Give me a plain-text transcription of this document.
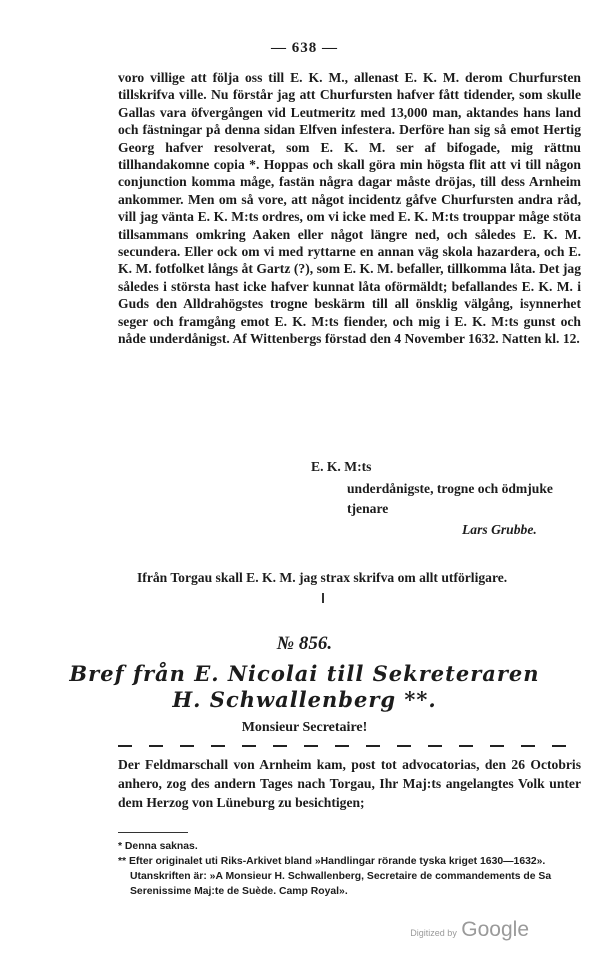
— 638 —

voro villige att följa oss till E. K. M., allenast E. K. M. derom Churfursten tillskrifva ville. Nu förstår jag att Churfursten hafver fått tidender, som skulle Gallas vara öfvergången vid Leutmeritz med 13,000 man, aktandes hans land och fästningar på denna sidan Elfven infestera. Derföre han sig så emot Hertig Georg hafver resolverat, som E. K. M. ser af bifogade, mig rättnu tillhandakomne copia *. Hoppas och skall göra min högsta flit att vi till någon conjunction komma måge, fastän några dagar måste dröjas, till dess Arnheim ankommer. Men om så vore, att något incidentz gåfve Churfursten andra råd, vill jag vänta E. K. M:ts ordres, om vi icke med E. K. M:ts trouppar måge stöta tillsammans omkring Aaken eller något längre ned, och således E. K. M. secundera. Eller ock om vi med ryttarne en annan väg skola hazardera, och E. K. M. fotfolket långs åt Gartz (?), som E. K. M. befaller, tillkomma låta. Det jag således i största hast icke hafver kunnat låta oförmäldt; befallandes E. K. M. i Guds den Alldrahögstes trogne beskärm till all önsklig välgång, isynnerhet seger och framgång emot E. K. M:ts fiender, och mig i E. K. M:ts gunst och nåde underdånigst. Af Wittenbergs förstad den 4 November 1632. Natten kl. 12.

E. K. M:ts
underdånigste, trogne och ödmjuke
tjenare
Lars Grubbe.
Ifrån Torgau skall E. K. M. jag strax skrifva om allt utförligare.
№ 856.
Bref från E. Nicolai till Sekreteraren
H. Schwallenberg **.
Monsieur Secretaire!

Der Feldmarschall von Arnheim kam, post tot advocatorias, den 26 Octobris anhero, zog des andern Tages nach Torgau, Ihr Maj:ts angelangtes Volk unter dem Herzog von Lüneburg zu besichtigen;

* Denna saknas.

** Efter originalet uti Riks-Arkivet bland »Handlingar rörande tyska kriget 1630—1632». Utanskriften är: »A Monsieur H. Schwallenberg, Secretaire de commandements de Sa Serenissime Maj:te de Suède. Camp Royal».

Digitized by Google
